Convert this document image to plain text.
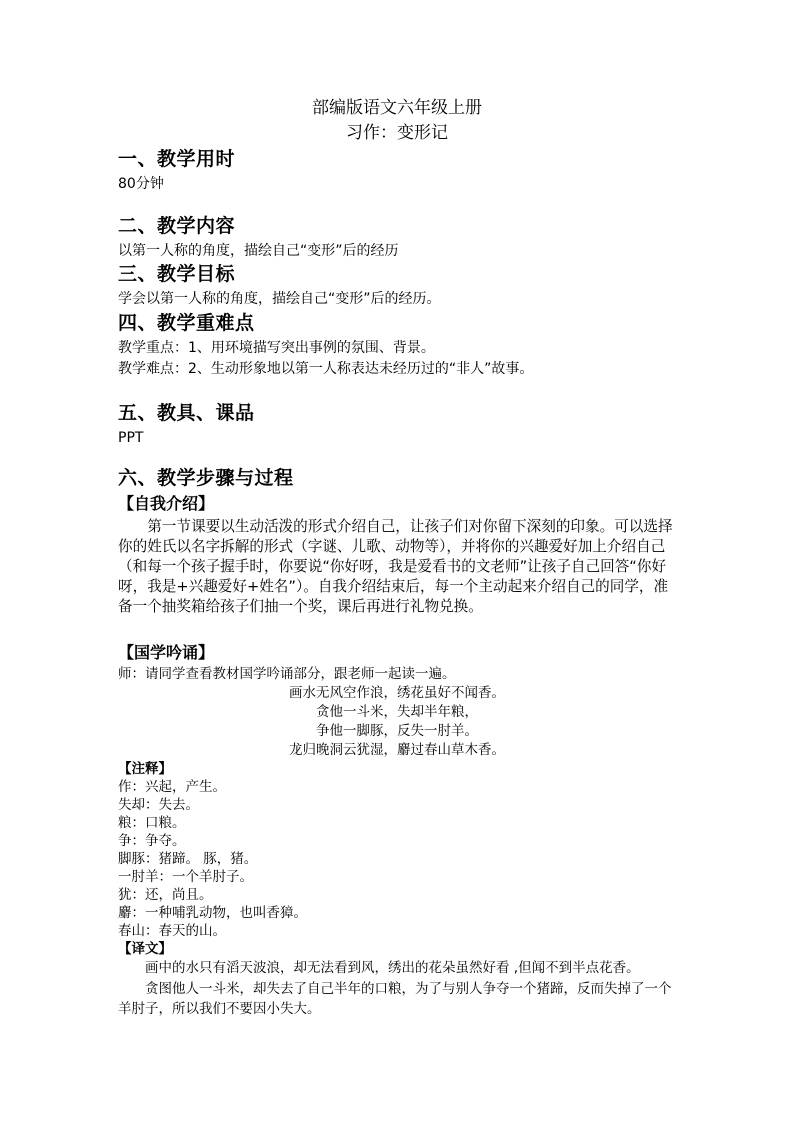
部编版语文六年级上册
习作：变形记
一、教学用时
80分钟
二、教学内容
以第一人称的角度，描绘自己“变形”后的经历
三、教学目标
学会以第一人称的角度，描绘自己“变形”后的经历。
四、教学重难点
教学重点：1、用环境描写突出事例的氛围、背景。
教学难点：2、生动形象地以第一人称表达未经历过的“非人”故事。
五、教具、课品
PPT
六、教学步骤与过程
【自我介绍】
第一节课要以生动活泼的形式介绍自己，让孩子们对你留下深刻的印象。可以选择你的姓氏以名字拆解的形式（字谜、儿歌、动物等），并将你的兴趣爱好加上介绍自己（和每一个孩子握手时，你要说“你好呀，我是爱看书的文老师”让孩子自己回答“你好呀，我是+兴趣爱好+姓名”）。自我介绍结束后，每一个主动起来介绍自己的同学，准备一个抽奖箱给孩子们抽一个奖，课后再进行礼物兑换。
【国学吟诵】
师：请同学查看教材国学吟诵部分，跟老师一起读一遍。
画水无风空作浪，绣花虽好不闻香。
贪他一斗米，失却半年粮，
争他一脚豚，反失一肘羊。
龙归晚洞云犹湿，麝过春山草木香。
【注释】
作：兴起，产生。
失却：失去。
粮：口粮。
争：争夺。
脚豚：猪蹄。 豚，猪。
一肘羊：一个羊肘子。
犹：还，尚且。
麝：一种哺乳动物，也叫香獐。
春山：春天的山。
【译文】
画中的水只有滔天波浪，却无法看到风，绣出的花朵虽然好看 ,但闻不到半点花香。
贪图他人一斗米，却失去了自己半年的口粮，为了与别人争夺一个猪蹄，反而失掉了一个羊肘子，所以我们不要因小失大。
